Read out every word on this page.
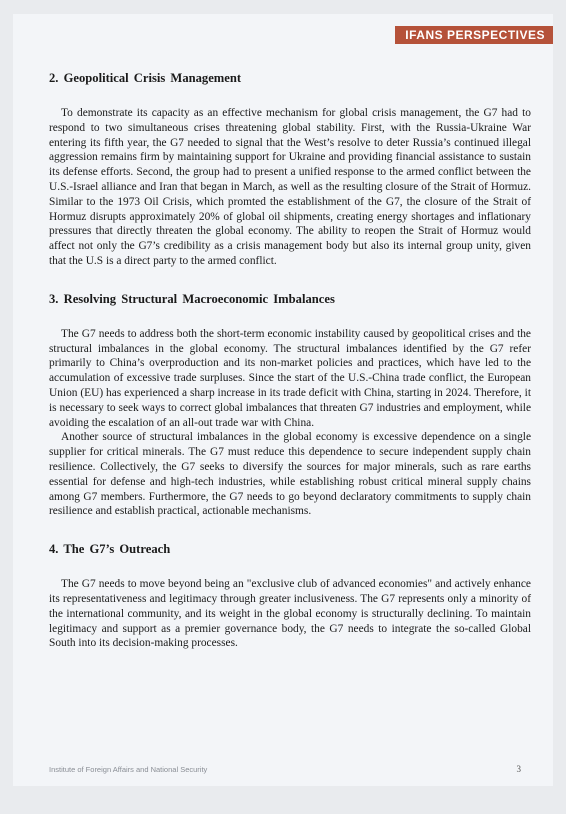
IFANS PERSPECTIVES
2. Geopolitical Crisis Management

To demonstrate its capacity as an effective mechanism for global crisis management, the G7 had to respond to two simultaneous crises threatening global stability. First, with the Russia-Ukraine War entering its fifth year, the G7 needed to signal that the West’s resolve to deter Russia’s continued illegal aggression remains firm by maintaining support for Ukraine and providing financial assistance to sustain its defense efforts. Second, the group had to present a unified response to the armed conflict between the U.S.-Israel alliance and Iran that began in March, as well as the resulting closure of the Strait of Hormuz. Similar to the 1973 Oil Crisis, which promted the establishment of the G7, the closure of the Strait of Hormuz disrupts approximately 20% of global oil shipments, creating energy shortages and inflationary pressures that directly threaten the global economy. The ability to reopen the Strait of Hormuz would affect not only the G7’s credibility as a crisis management body but also its internal group unity, given that the U.S is a direct party to the armed conflict.

3. Resolving Structural Macroeconomic Imbalances

The G7 needs to address both the short-term economic instability caused by geopolitical crises and the structural imbalances in the global economy. The structural imbalances identified by the G7 refer primarily to China’s overproduction and its non-market policies and practices, which have led to the accumulation of excessive trade surpluses. Since the start of the U.S.-China trade conflict, the European Union (EU) has experienced a sharp increase in its trade deficit with China, starting in 2024. Therefore, it is necessary to seek ways to correct global imbalances that threaten G7 industries and employment, while avoiding the escalation of an all-out trade war with China.

Another source of structural imbalances in the global economy is excessive dependence on a single supplier for critical minerals. The G7 must reduce this dependence to secure independent supply chain resilience. Collectively, the G7 seeks to diversify the sources for major minerals, such as rare earths essential for defense and high-tech industries, while establishing robust critical mineral supply chains among G7 members. Furthermore, the G7 needs to go beyond declaratory commitments to supply chain resilience and establish practical, actionable mechanisms.

4. The G7’s Outreach

The G7 needs to move beyond being an "exclusive club of advanced economies" and actively enhance its representativeness and legitimacy through greater inclusiveness. The G7 represents only a minority of the international community, and its weight in the global economy is structurally declining. To maintain legitimacy and support as a premier governance body, the G7 needs to integrate the so-called Global South into its decision-making processes.

Institute of Foreign Affairs and National Security	3
